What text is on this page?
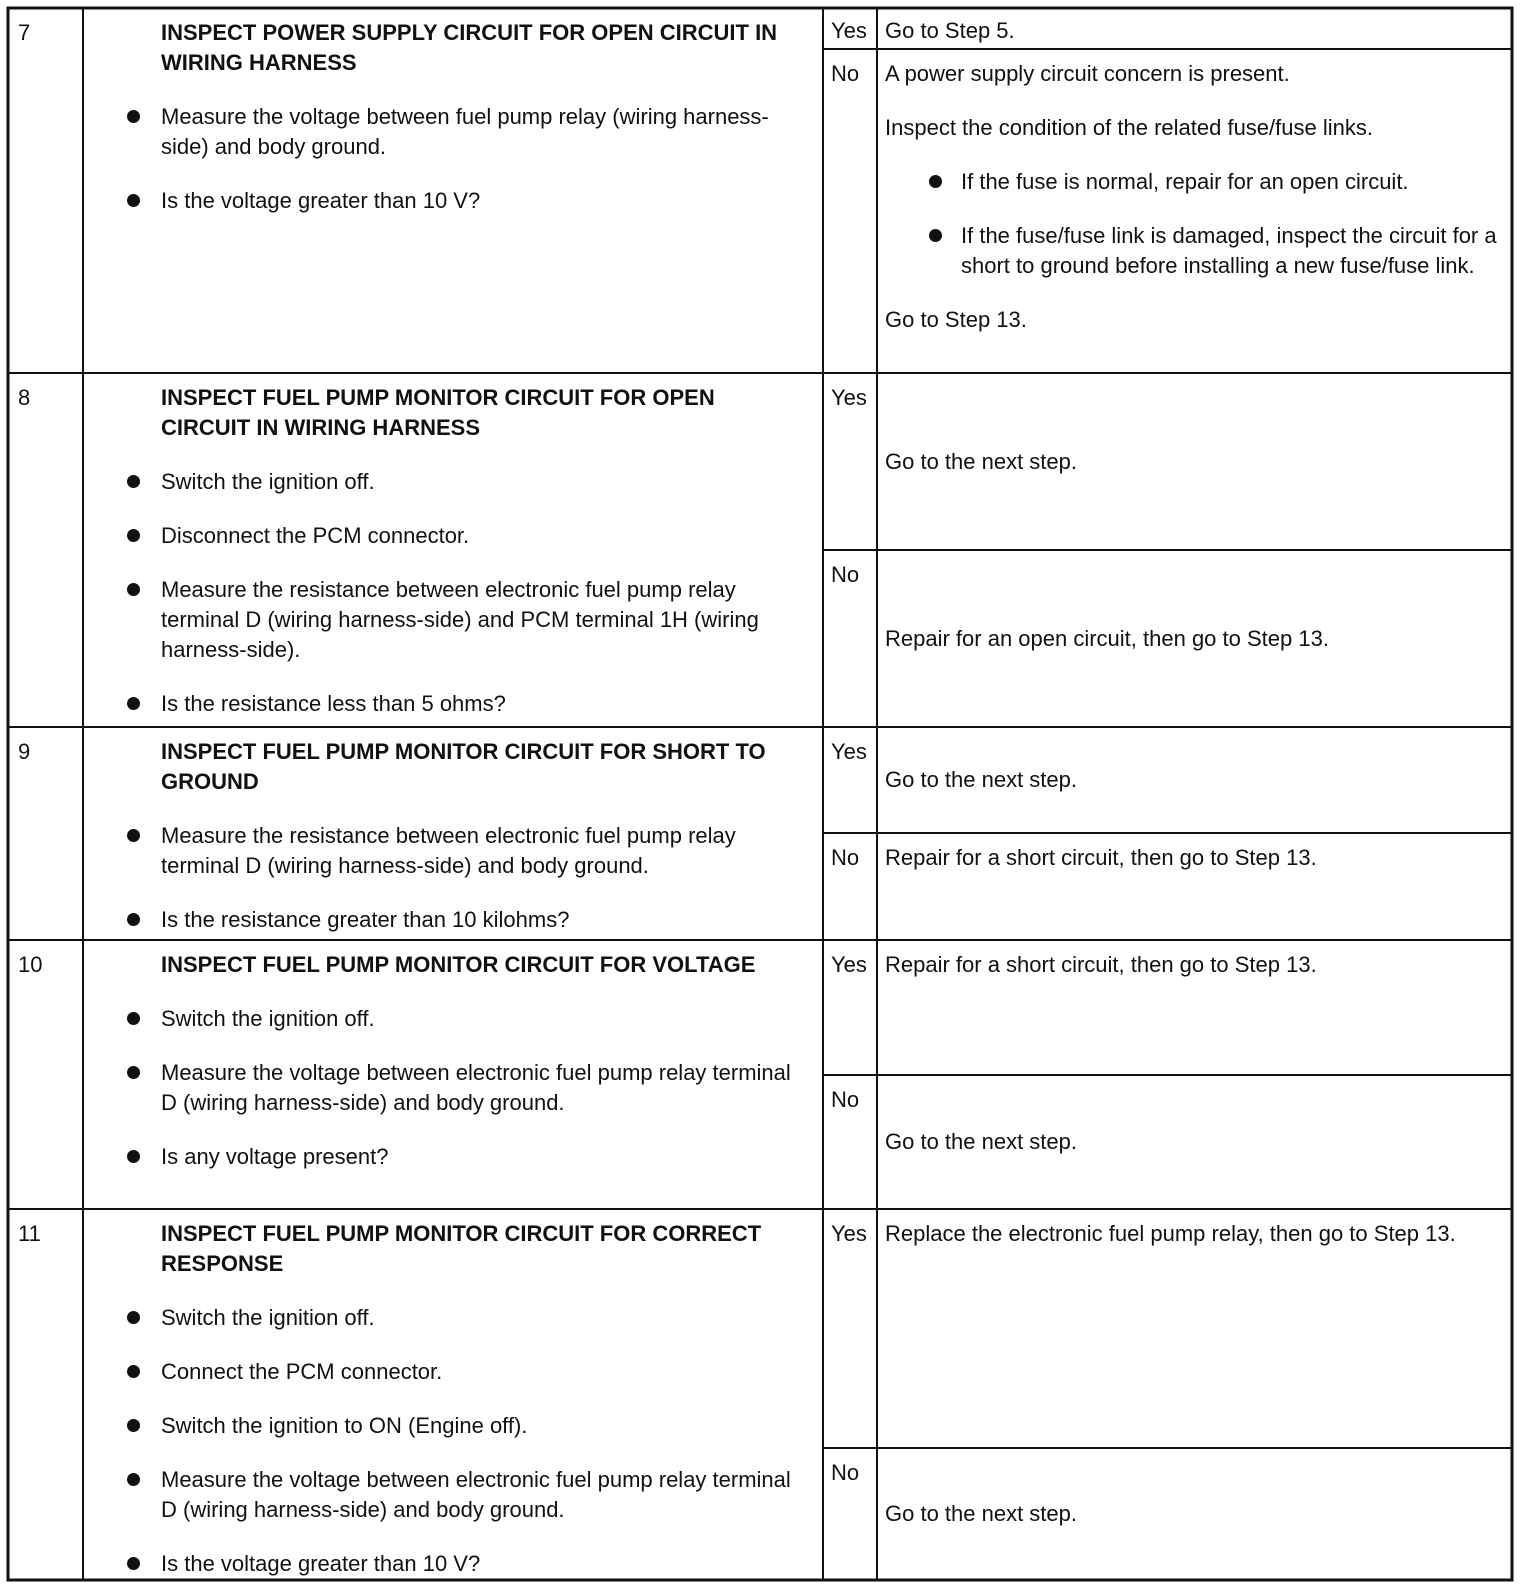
7	INSPECT POWER SUPPLY CIRCUIT FOR OPEN CIRCUIT IN WIRING HARNESS
Measure the voltage between fuel pump relay (wiring harness-side) and body ground.
Is the voltage greater than 10 V?
Yes Go to Step 5.
No	A power supply circuit concern is present.
Inspect the condition of the related fuse/fuse links.
If the fuse is normal, repair for an open circuit.
If the fuse/fuse link is damaged, inspect the circuit for a short to ground before installing a new fuse/fuse link.
Go to Step 13.
8	INSPECT FUEL PUMP MONITOR CIRCUIT FOR OPEN CIRCUIT IN WIRING HARNESS
Switch the ignition off.
Disconnect the PCM connector.
Measure the resistance between electronic fuel pump relay terminal D (wiring harness-side) and PCM terminal 1H (wiring harness-side).
Is the resistance less than 5 ohms?
Yes
Go to the next step.
No
Repair for an open circuit, then go to Step 13.
9	INSPECT FUEL PUMP MONITOR CIRCUIT FOR SHORT TO GROUND
Measure the resistance between electronic fuel pump relay terminal D (wiring harness-side) and body ground.
Is the resistance greater than 10 kilohms?
Yes
Go to the next step.
No	Repair for a short circuit, then go to Step 13.
10	INSPECT FUEL PUMP MONITOR CIRCUIT FOR VOLTAGE
Switch the ignition off.
Measure the voltage between electronic fuel pump relay terminal D (wiring harness-side) and body ground.
Is any voltage present?
Yes Repair for a short circuit, then go to Step 13.
No
Go to the next step.
11	INSPECT FUEL PUMP MONITOR CIRCUIT FOR CORRECT RESPONSE
Switch the ignition off.
Connect the PCM connector.
Switch the ignition to ON (Engine off).
Measure the voltage between electronic fuel pump relay terminal D (wiring harness-side) and body ground.
Is the voltage greater than 10 V?
Yes Replace the electronic fuel pump relay, then go to Step 13.
No
Go to the next step.
